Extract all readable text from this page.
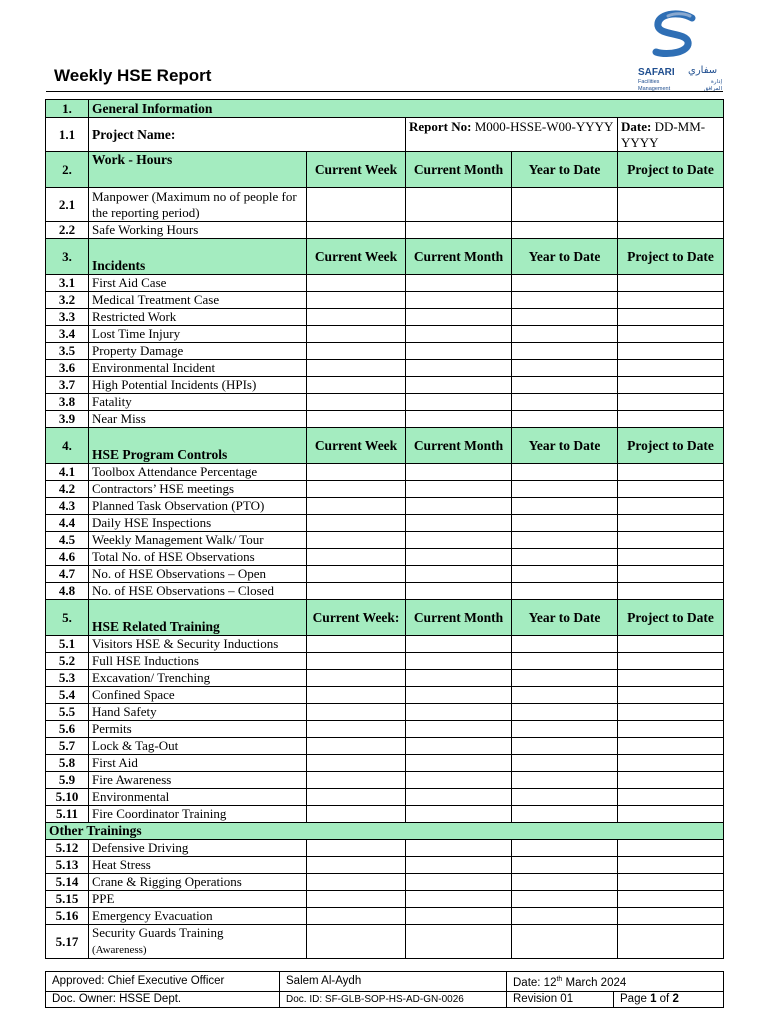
Weekly HSE Report	SAFARI سفاري
Facilities
Management
إدارة
المرافق
1.	General Information				
1.1	Project Name:		Report No: M000-HSSE-W00-YYYY		Date: DD-MM-YYYY
2.	Work - Hours	Current Week	Current Month	Year to Date	Project to Date
2.1	Manpower (Maximum no of people for the reporting period)				
2.2	Safe Working Hours				
3.	Incidents	Current Week	Current Month	Year to Date	Project to Date
3.1	First Aid Case				
3.2	Medical Treatment Case				
3.3	Restricted Work				
3.4	Lost Time Injury				
3.5	Property Damage				
3.6	Environmental Incident				
3.7	High Potential Incidents (HPIs)				
3.8	Fatality				
3.9	Near Miss				
4.	HSE Program Controls	Current Week	Current Month	Year to Date	Project to Date
4.1	Toolbox Attendance Percentage				
4.2	Contractors’ HSE meetings				
4.3	Planned Task Observation (PTO)				
4.4	Daily HSE Inspections				
4.5	Weekly Management Walk/ Tour				
4.6	Total No. of HSE Observations				
4.7	No. of HSE Observations – Open				
4.8	No. of HSE Observations – Closed				
5.	HSE Related Training	Current Week:	Current Month	Year to Date	Project to Date
5.1	Visitors HSE & Security Inductions				
5.2	Full HSE Inductions				
5.3	Excavation/ Trenching				
5.4	Confined Space				
5.5	Hand Safety				
5.6	Permits				
5.7	Lock & Tag-Out				
5.8	First Aid				
5.9	Fire Awareness				
5.10	Environmental				
5.11	Fire Coordinator Training				
Other Trainings					
5.12	Defensive Driving				
5.13	Heat Stress				
5.14	Crane & Rigging Operations				
5.15	PPE				
5.16	Emergency Evacuation				
5.17	Security Guards Training
(Awareness)				
Approved: Chief Executive Officer	Salem Al-Aydh	Date: 12th March 2024	
Doc. Owner: HSSE Dept.	Doc. ID: SF-GLB-SOP-HS-AD-GN-0026	Revision 01	Page 1 of 2
